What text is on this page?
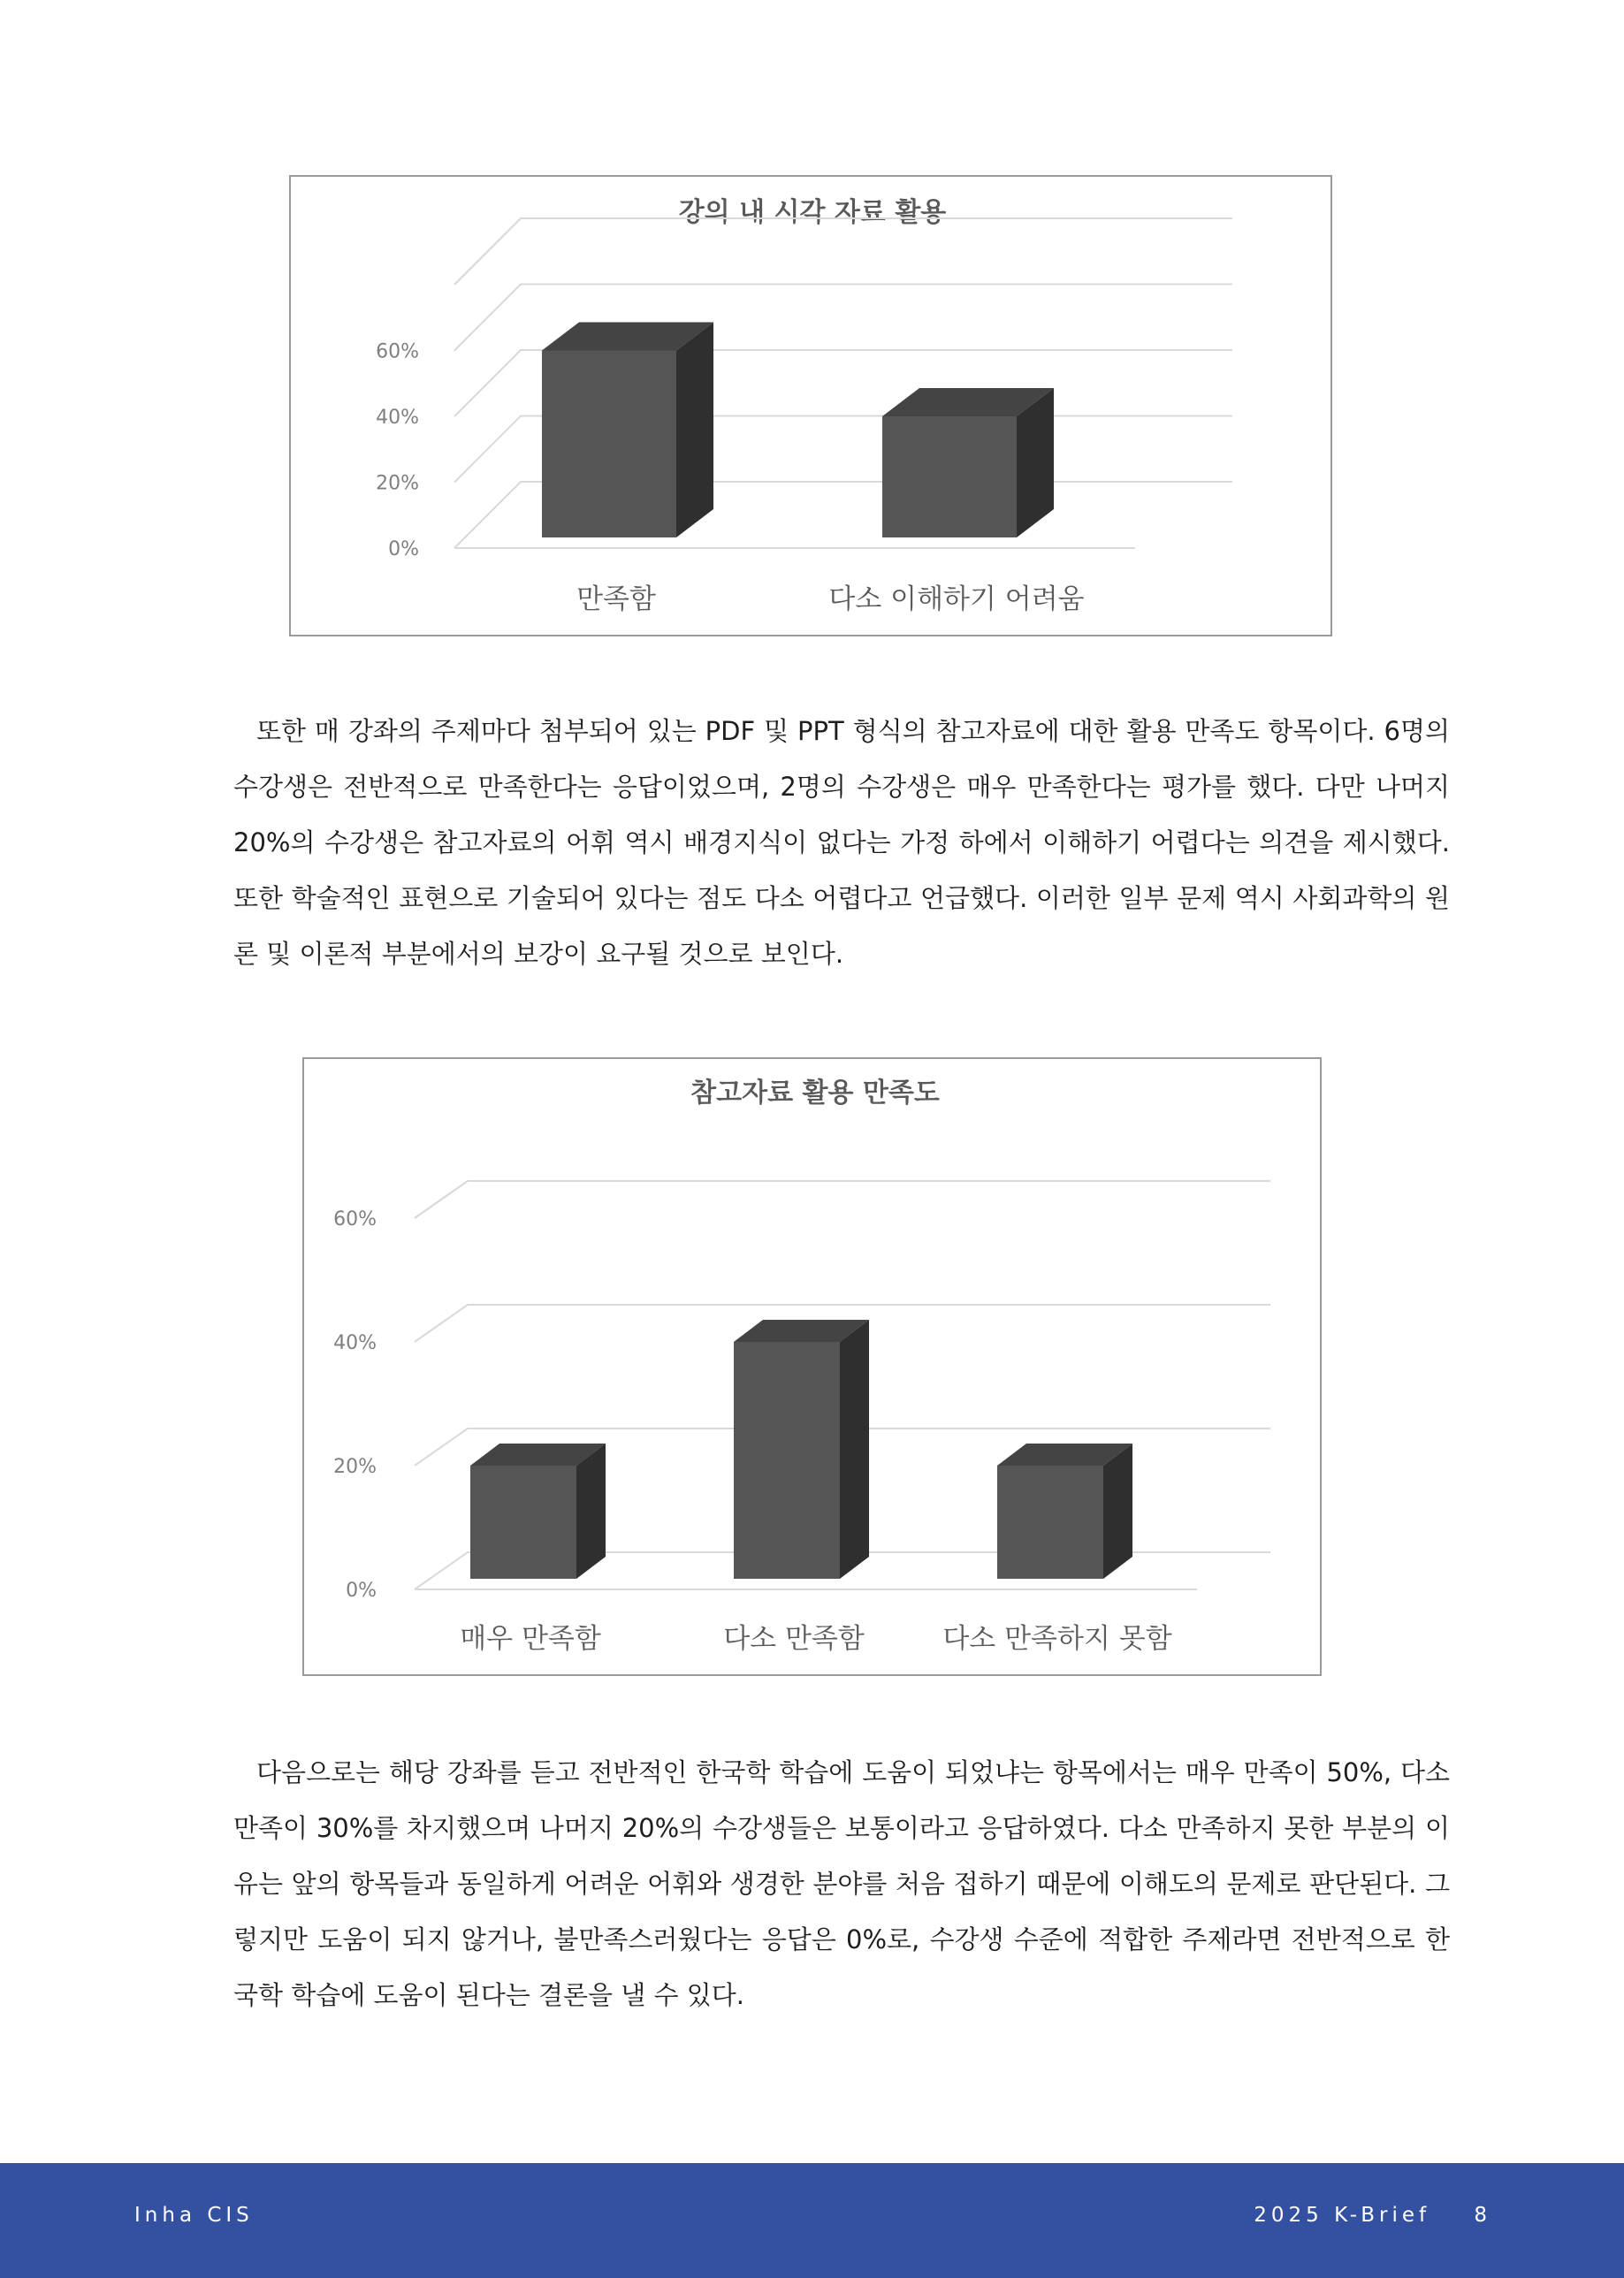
강의 내 시각 자료 활용
0%
20%
40%
60%
만족함	다소 이해하기 어려움

또한 매 강좌의 주제마다 첨부되어 있는 PDF 및 PPT 형식의 참고자료에 대한 활용 만족도 항목이다. 6명의 수강생은 전반적으로 만족한다는 응답이었으며, 2명의 수강생은 매우 만족한다는 평가를 했다. 다만 나머지 20%의 수강생은 참고자료의 어휘 역시 배경지식이 없다는 가정 하에서 이해하기 어렵다는 의견을 제시했다. 또한 학술적인 표현으로 기술되어 있다는 점도 다소 어렵다고 언급했다. 이러한 일부 문제 역시 사회과학의 원론 및 이론적 부분에서의 보강이 요구될 것으로 보인다.

참고자료 활용 만족도
0%
20%
40%
60%
매우 만족함	다소 만족함	다소 만족하지 못함

다음으로는 해당 강좌를 듣고 전반적인 한국학 학습에 도움이 되었냐는 항목에서는 매우 만족이 50%, 다소 만족이 30%를 차지했으며 나머지 20%의 수강생들은 보통이라고 응답하였다. 다소 만족하지 못한 부분의 이유는 앞의 항목들과 동일하게 어려운 어휘와 생경한 분야를 처음 접하기 때문에 이해도의 문제로 판단된다. 그렇지만 도움이 되지 않거나, 불만족스러웠다는 응답은 0%로, 수강생 수준에 적합한 주제라면 전반적으로 한국학 학습에 도움이 된다는 결론을 낼 수 있다.

Inha CIS	2025 K-Brief    8
